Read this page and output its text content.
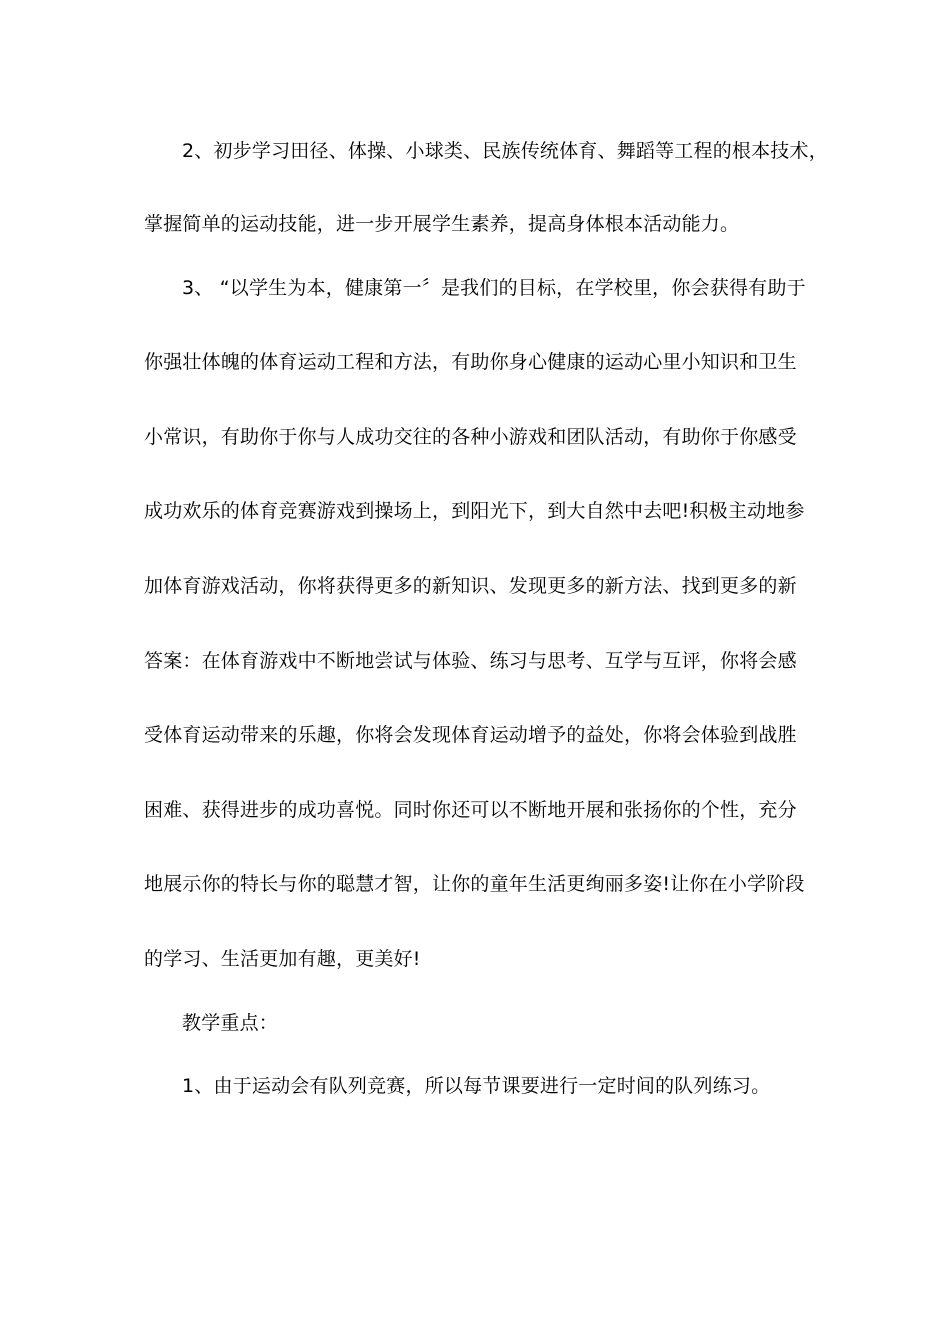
2、初步学习田径、体操、小球类、民族传统体育、舞蹈等工程的根本技术，
掌握简单的运动技能，进一步开展学生素养，提高身体根本活动能力。
3、 “以学生为本，健康第一〞是我们的目标，在学校里，你会获得有助于
你强壮体魄的体育运动工程和方法，有助你身心健康的运动心里小知识和卫生
小常识，有助你于你与人成功交往的各种小游戏和团队活动，有助你于你感受
成功欢乐的体育竞赛游戏到操场上，到阳光下，到大自然中去吧!积极主动地参
加体育游戏活动，你将获得更多的新知识、发现更多的新方法、找到更多的新
答案：在体育游戏中不断地尝试与体验、练习与思考、互学与互评，你将会感
受体育运动带来的乐趣，你将会发现体育运动增予的益处，你将会体验到战胜
困难、获得进步的成功喜悦。同时你还可以不断地开展和张扬你的个性，充分
地展示你的特长与你的聪慧才智，让你的童年生活更绚丽多姿!让你在小学阶段
的学习、生活更加有趣，更美好!
教学重点：
1、由于运动会有队列竞赛，所以每节课要进行一定时间的队列练习。
